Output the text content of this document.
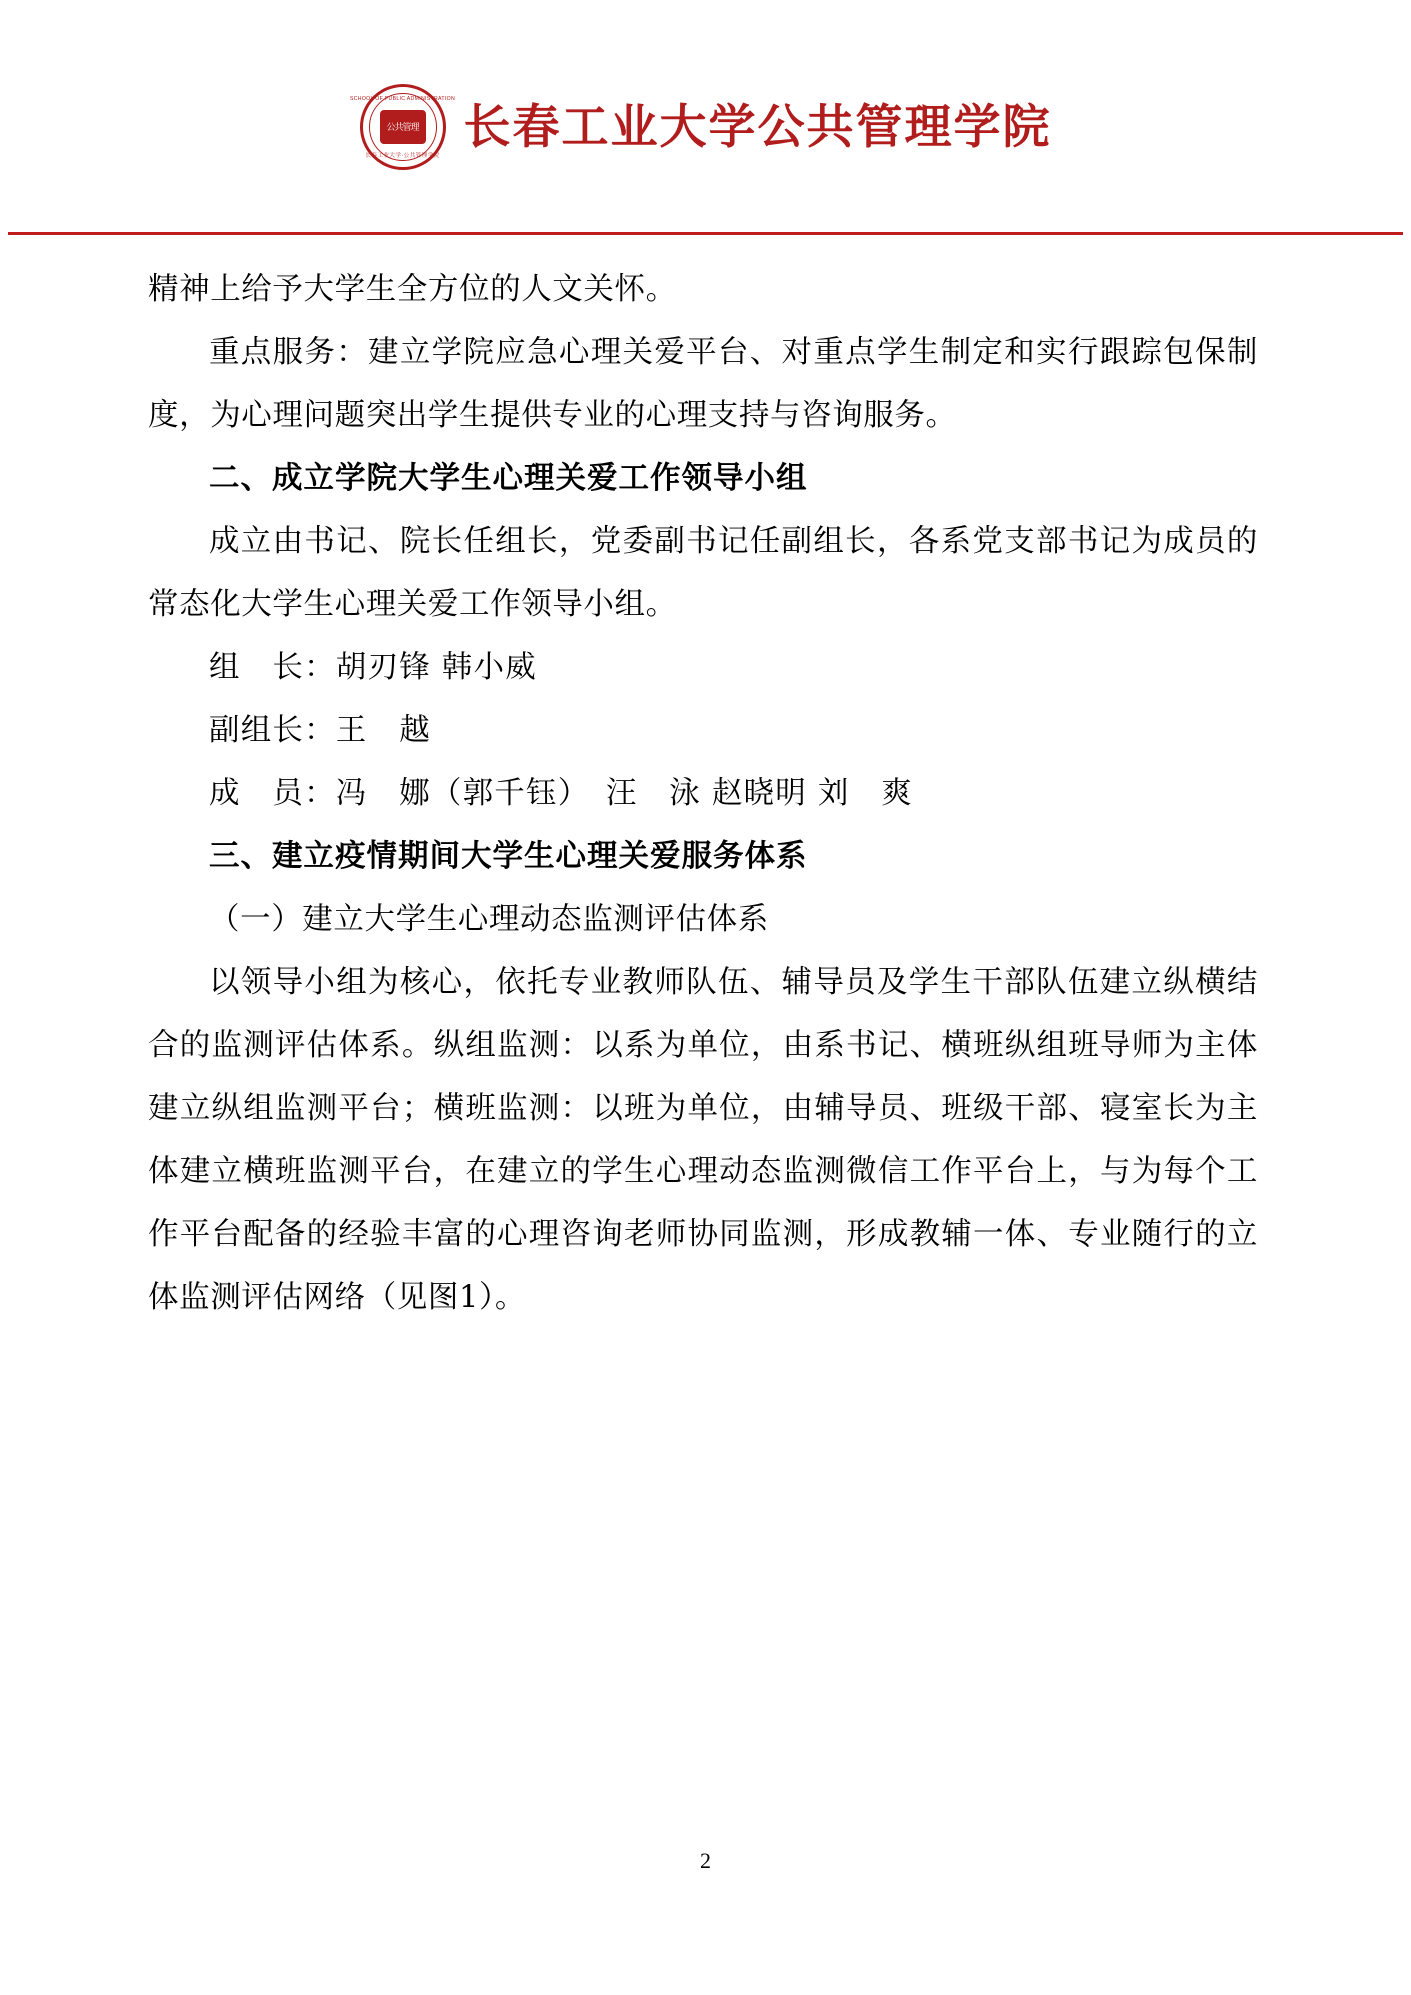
SCHOOL OF PUBLIC ADMINISTRATION
公共管理
长春工业大学·公共管理学院
长春工业大学公共管理学院

精神上给予大学生全方位的人文关怀。

重点服务：建立学院应急心理关爱平台、对重点学生制定和实行跟踪包保制度，为心理问题突出学生提供专业的心理支持与咨询服务。

二、成立学院大学生心理关爱工作领导小组

成立由书记、院长任组长，党委副书记任副组长，各系党支部书记为成员的常态化大学生心理关爱工作领导小组。

组　长：胡刃锋 韩小威

副组长：王　越

成　员：冯　娜（郭千钰）　汪　泳 赵晓明 刘　爽

三、建立疫情期间大学生心理关爱服务体系

（一）建立大学生心理动态监测评估体系

以领导小组为核心，依托专业教师队伍、辅导员及学生干部队伍建立纵横结合的监测评估体系。纵组监测：以系为单位，由系书记、横班纵组班导师为主体建立纵组监测平台；横班监测：以班为单位，由辅导员、班级干部、寝室长为主体建立横班监测平台，在建立的学生心理动态监测微信工作平台上，与为每个工作平台配备的经验丰富的心理咨询老师协同监测，形成教辅一体、专业随行的立体监测评估网络（见图1）。

2
